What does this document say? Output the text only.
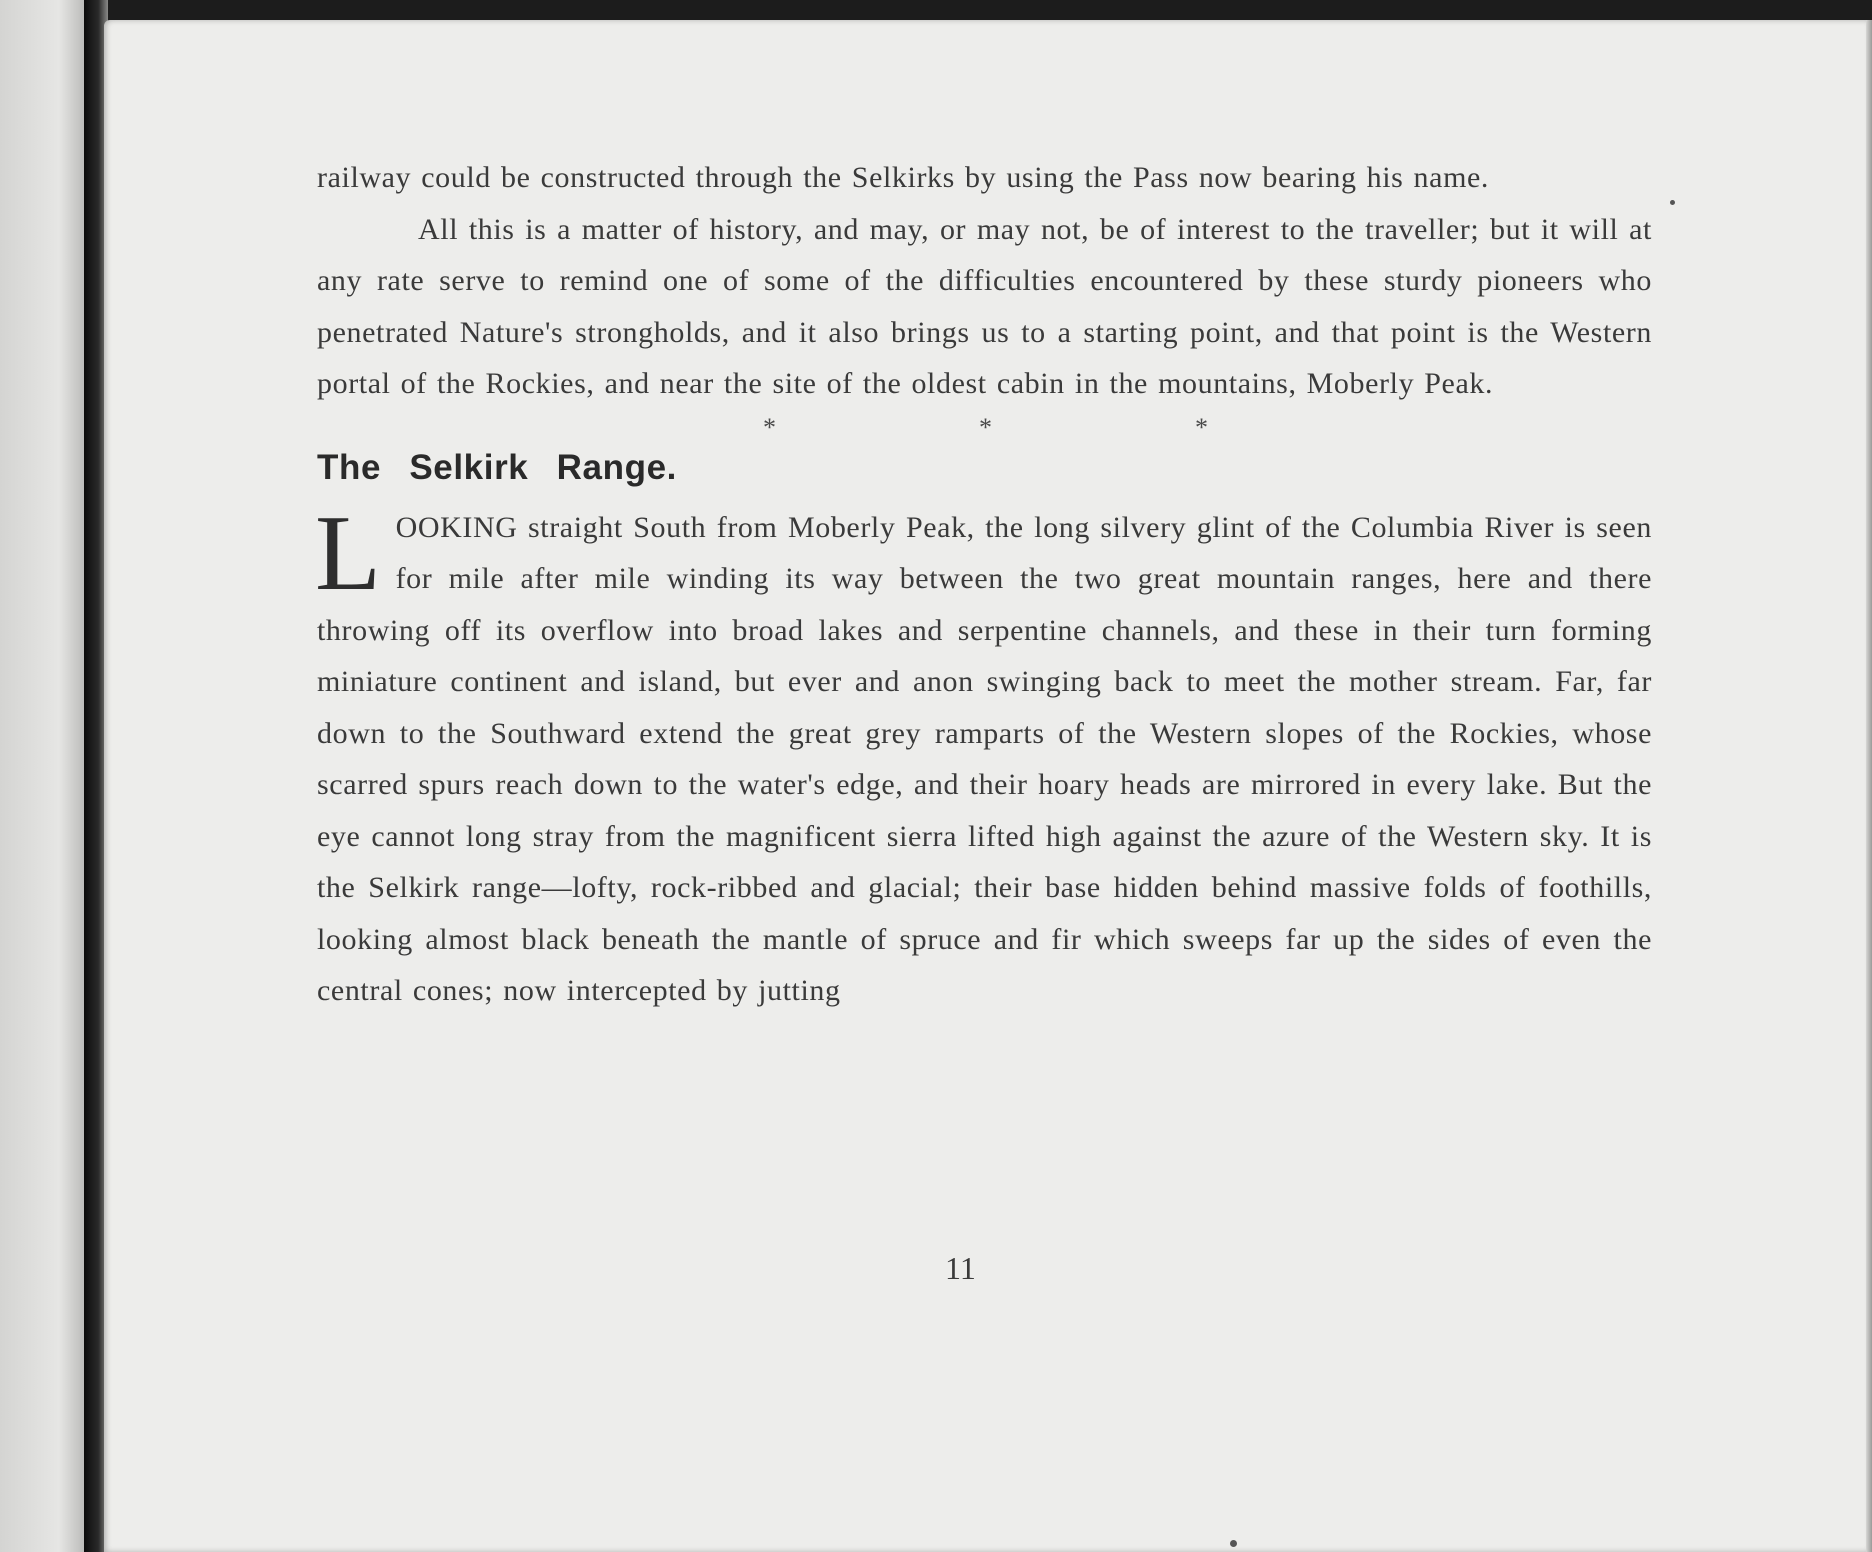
railway could be constructed through the Selkirks by using the Pass now bearing his name.

All this is a matter of history, and may, or may not, be of interest to the traveller; but it will at any rate serve to remind one of some of the difficulties encountered by these sturdy pioneers who penetrated Nature's strongholds, and it also brings us to a starting point, and that point is the Western portal of the Rockies, and near the site of the oldest cabin in the mountains, Moberly Peak.

*	*	*
The Selkirk Range.

L OOKING straight South from Moberly Peak, the long silvery glint of the Columbia River is seen for mile after mile winding its way between the two great mountain ranges, here and there throwing off its overflow into broad lakes and serpentine channels, and these in their turn forming miniature continent and island, but ever and anon swinging back to meet the mother stream. Far, far down to the Southward extend the great grey ramparts of the Western slopes of the Rockies, whose scarred spurs reach down to the water's edge, and their hoary heads are mirrored in every lake. But the eye cannot long stray from the magnificent sierra lifted high against the azure of the Western sky. It is the Selkirk range—lofty, rock-ribbed and glacial; their base hidden behind massive folds of foothills, looking almost black beneath the mantle of spruce and fir which sweeps far up the sides of even the central cones; now intercepted by jutting

11
